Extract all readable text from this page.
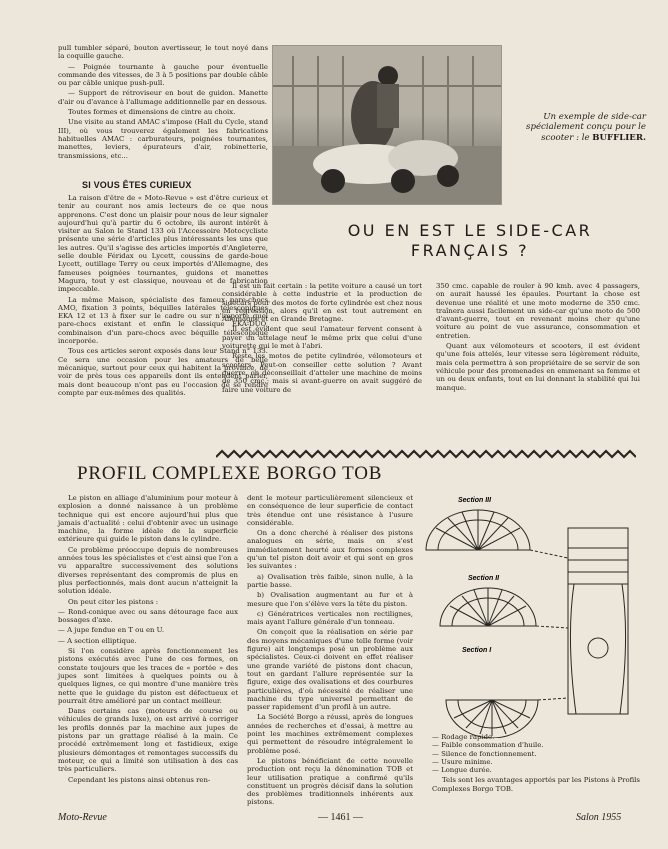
pull tumbler séparé, bouton avertisseur, le tout noyé dans la coquille gauche.

— Poignée tournante à gauche pour éventuelle commande des vitesses, de 3 à 5 positions par double câble ou par câble unique push-pull.

— Support de rétroviseur en bout de guidon. Manette d'air ou d'avance à l'allumage additionnelle par en dessous.

Toutes formes et dimensions de cintre au choix.

Une visite au stand AMAC s'impose (Hall du Cycle, stand III), où vous trouverez également les fabrications habituelles AMAC : carburateurs, poignées tournantes, manettes, leviers, épurateurs d'air, robinetterie, transmissions, etc...

SI VOUS ÊTES CURIEUX

La raison d'être de « Moto-Revue » est d'être curieux et tenir au courant nos amis lecteurs de ce que nous apprenons. C'est donc un plaisir pour nous de leur signaler aujourd'hui qu'à partir du 6 octobre, ils auront intérêt à visiter au Salon le Stand 133 où l'Accessoire Motocycliste présente une série d'articles plus intéressants les uns que les autres. Qu'il s'agisse des articles importés d'Angleterre, selle double Féridax ou Lycett, coussins de garde-boue Lycett, outillage Terry ou ceux importés d'Allemagne, des fameuses poignées tournantes, guidons et manettes Magura, tout y est classique, nouveau et de fabrication impeccable.

La même Maison, spécialiste des fameux pare-chocs AMO, fixation 3 points, béquilles latérales télescopiques EKA 12 et 13 à fixer sur le cadre ou sur n'importe quel pare-chocs existant et enfin le classique EKA-DUO, combinaison d'un pare-chocs avec béquille télescopique incorporée.

Tous ces articles seront exposés dans leur Stand n° 133. Ce sera une occasion pour les amateurs de belle mécanique, surtout pour ceux qui habitent la province, de voir de près tous ces appareils dont ils entendent parler, mais dont beaucoup n'ont pas eu l'occasion de se rendre compte par eux-mêmes des qualités.

Un exemple de side-car spécialement conçu pour le scooter : le BUFFLIER.
OU EN EST LE SIDE-CAR
FRANÇAIS ?

Il est un fait certain : la petite voiture a causé un tort considérable à cette industrie et la production de sidecars pour des motos de forte cylindrée est chez nous en régression, alors qu'il en est tout autrement en Allemagne et en Grande Bretagne.

Il est évident que seul l'amateur fervent consent à payer un attelage neuf le même prix que celui d'une voiturette qui le met à l'abri.

Reste les motos de petite cylindrée, vélomoteurs et scooters. Peut-on conseiller cette solution ? Avant guerre, on déconseillait d'atteler une machine de moins de 350 cmc.; mais si avant-guerre on avait suggéré de faire une voiture de

350 cmc. capable de rouler à 90 kmh. avec 4 passagers, on aurait haussé les épaules. Pourtant la chose est devenue une réalité et une moto moderne de 350 cmc. traînera aussi facilement un side-car qu'une moto de 500 d'avant-guerre, tout en revenant moins cher qu'une voiture au point de vue assurance, consommation et entretien.

Quant aux vélomoteurs et scooters, il est évident qu'une fois attelés, leur vitesse sera légèrement réduite, mais cela permettra à son propriétaire de se servir de son véhicule pour des promenades en emmenant sa femme et un ou deux enfants, tout en lui donnant la stabilité qui lui manque.

PROFIL COMPLEXE BORGO TOB

Le piston en alliage d'aluminium pour moteur à explosion a donné naissance à un problème technique qui est encore aujourd'hui plus que jamais d'actualité : celui d'obtenir avec un usinage machine, la forme idéale de la superficie extérieure qui guide le piston dans le cylindre.

Ce problème préoccupe depuis de nombreuses années tous les spécialistes et c'est ainsi que l'on a vu apparaître successivement des solutions diverses représentant des compromis de plus en plus perfectionnés, mais dont aucun n'atteignit la solution idéale.

On peut citer les pistons :

— Rond-conique avec ou sans détourage face aux bossages d'axe.

— A jupe fendue en T ou en U.

— A section elliptique.

Si l'on considère après fonctionnement les pistons exécutés avec l'une de ces formes, on constate toujours que les traces de « portée » des jupes sont limitées à quelques points ou à quelques lignes, ce qui montre d'une manière très nette que le guidage du piston est défectueux et pourrait être amélioré par un contact meilleur.

Dans certains cas (moteurs de course ou véhicules de grands luxe), on est arrivé à corriger les profils donnés par la machine aux jupes de pistons par un grattage réalisé à la main. Ce procédé extrêmement long et fastidieux, exige plusieurs démontages et remontages successifs du moteur, ce qui a limité son utilisation à des cas très particuliers.

Cependant les pistons ainsi obtenus ren-

dent le moteur particulièrement silencieux et en conséquence de leur superficie de contact très étendue ont une résistance à l'usure considérable.

On a donc cherché à réaliser des pistons analogues en série, mais on s'est immédiatement heurté aux formes complexes qu'un tel piston doit avoir et qui sont en gros les suivantes :

a) Ovalisation très faible, sinon nulle, à la partie basse.

b) Ovalisation augmentant au fur et à mesure que l'on s'élève vers la tête du piston.

c) Génératrices verticales non rectilignes, mais ayant l'allure générale d'un tonneau.

On conçoit que la réalisation en série par des moyens mécaniques d'une telle forme (voir figure) ait longtemps posé un problème aux spécialistes. Ceux-ci doivent en effet réaliser une grande variété de pistons dont chacun, tout en gardant l'allure représentée sur la figure, exige des ovalisations et des courbures particulières, d'où nécessité de réaliser une machine du type universel permettant de passer rapidement d'un profil à un autre.

La Société Borgo a réussi, après de longues années de recherches et d'essai, à mettre au point les machines extrêmement complexes qui permettent de résoudre intégralement le problème posé.

Le pistons bénéficiant de cette nouvelle production ont reçu la dénomination TOB et leur utilisation pratique a confirmé qu'ils constituent un progrès décisif dans la solution des problèmes traditionnels inhérents aux pistons.

Section III
Section II
Section I
— Rodage rapide.
— Faible consommation d'huile.
— Silence de fonctionnement.
— Usure minime.
— Longue durée.
Tels sont les avantages apportés par les Pistons à Profils Complexes Borgo TOB.
Moto-Revue	— 1461 —	Salon 1955
